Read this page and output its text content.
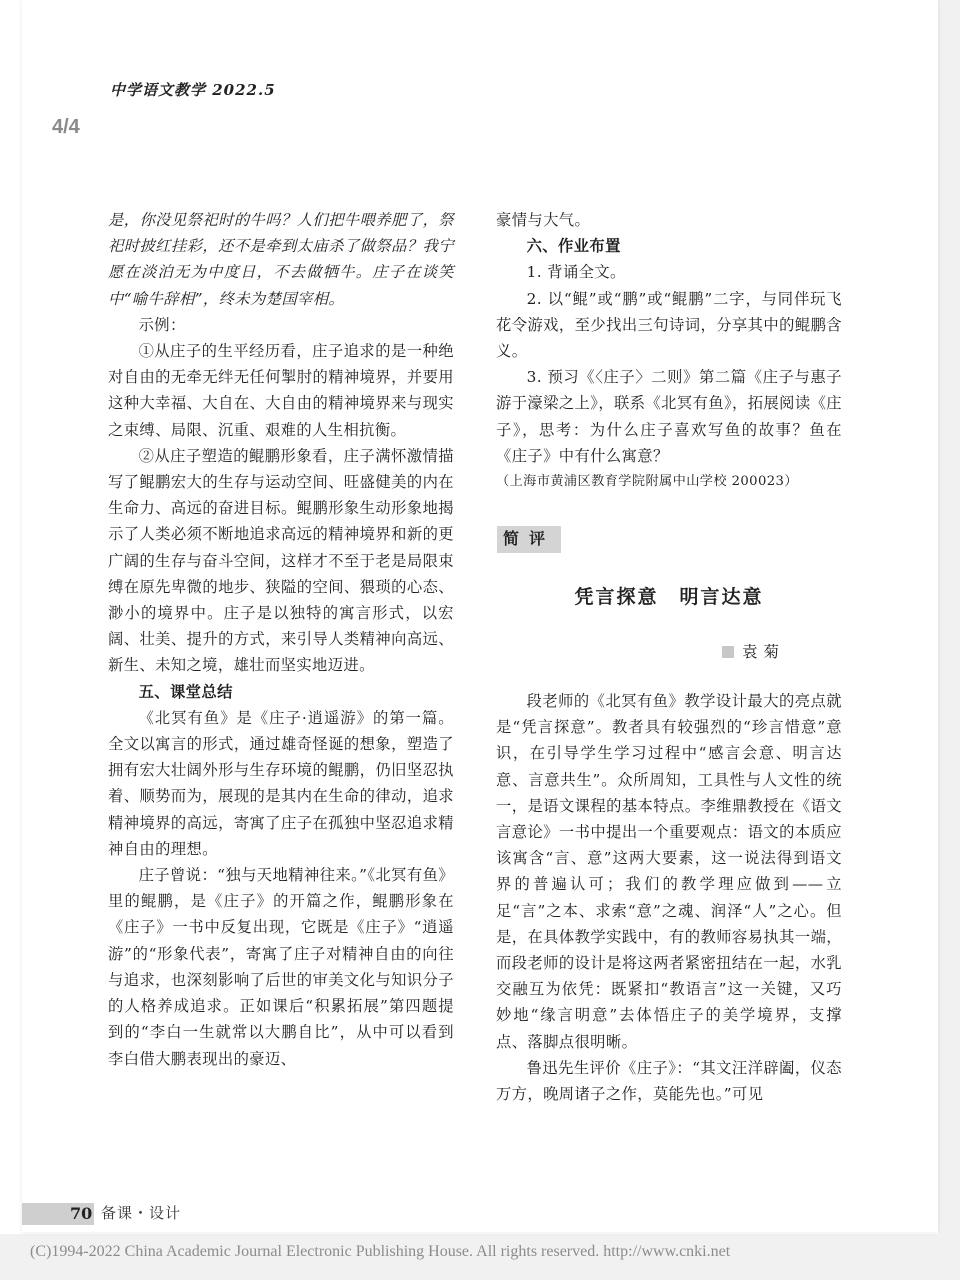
中学语文教学 2022.5
4/4

是，你没见祭祀时的牛吗？人们把牛喂养肥了，祭祀时披红挂彩，还不是牵到太庙杀了做祭品？我宁愿在淡泊无为中度日，不去做牺牛。庄子在谈笑中“喻牛辞相”，终未为楚国宰相。

示例：

①从庄子的生平经历看，庄子追求的是一种绝对自由的无牵无绊无任何掣肘的精神境界，并要用这种大幸福、大自在、大自由的精神境界来与现实之束缚、局限、沉重、艰难的人生相抗衡。

②从庄子塑造的鲲鹏形象看，庄子满怀激情描写了鲲鹏宏大的生存与运动空间、旺盛健美的内在生命力、高远的奋进目标。鲲鹏形象生动形象地揭示了人类必须不断地追求高远的精神境界和新的更广阔的生存与奋斗空间，这样才不至于老是局限束缚在原先卑微的地步、狭隘的空间、猥琐的心态、渺小的境界中。庄子是以独特的寓言形式，以宏阔、壮美、提升的方式，来引导人类精神向高远、新生、未知之境，雄壮而坚实地迈进。

五、课堂总结

《北冥有鱼》是《庄子·逍遥游》的第一篇。全文以寓言的形式，通过雄奇怪诞的想象，塑造了拥有宏大壮阔外形与生存环境的鲲鹏，仍旧坚忍执着、顺势而为，展现的是其内在生命的律动，追求精神境界的高远，寄寓了庄子在孤独中坚忍追求精神自由的理想。

庄子曾说：“独与天地精神往来。”《北冥有鱼》里的鲲鹏，是《庄子》的开篇之作，鲲鹏形象在《庄子》一书中反复出现，它既是《庄子》“逍遥游”的“形象代表”，寄寓了庄子对精神自由的向往与追求，也深刻影响了后世的审美文化与知识分子的人格养成追求。正如课后“积累拓展”第四题提到的“李白一生就常以大鹏自比”，从中可以看到李白借大鹏表现出的豪迈、

豪情与大气。

六、作业布置

1. 背诵全文。

2. 以“鲲”或“鹏”或“鲲鹏”二字，与同伴玩飞花令游戏，至少找出三句诗词，分享其中的鲲鹏含义。

3. 预习《〈庄子〉二则》第二篇《庄子与惠子游于濠梁之上》，联系《北冥有鱼》，拓展阅读《庄子》，思考：为什么庄子喜欢写鱼的故事？鱼在《庄子》中有什么寓意？

（上海市黄浦区教育学院附属中山学校 200023）

简评
凭言探意　明言达意
袁菊

段老师的《北冥有鱼》教学设计最大的亮点就是“凭言探意”。教者具有较强烈的“珍言惜意”意识，在引导学生学习过程中“感言会意、明言达意、言意共生”。众所周知，工具性与人文性的统一，是语文课程的基本特点。李维鼎教授在《语文言意论》一书中提出一个重要观点：语文的本质应该寓含“言、意”这两大要素，这一说法得到语文界的普遍认可；我们的教学理应做到——立足“言”之本、求索“意”之魂、润泽“人”之心。但是，在具体教学实践中，有的教师容易执其一端，而段老师的设计是将这两者紧密扭结在一起，水乳交融互为依凭：既紧扣“教语言”这一关键，又巧妙地“缘言明意”去体悟庄子的美学境界，支撑点、落脚点很明晰。

鲁迅先生评价《庄子》：“其文汪洋辟阖，仪态万方，晚周诸子之作，莫能先也。”可见

70 备课・设计
(C)1994-2022 China Academic Journal Electronic Publishing House. All rights reserved. http://www.cnki.net
